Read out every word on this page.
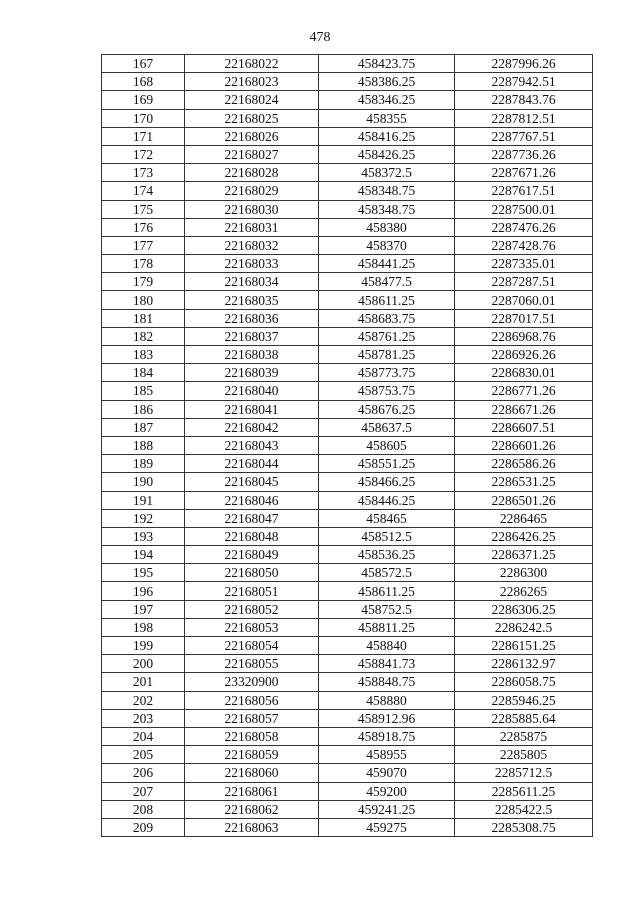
478
167	22168022	458423.75	2287996.26
168	22168023	458386.25	2287942.51
169	22168024	458346.25	2287843.76
170	22168025	458355	2287812.51
171	22168026	458416.25	2287767.51
172	22168027	458426.25	2287736.26
173	22168028	458372.5	2287671.26
174	22168029	458348.75	2287617.51
175	22168030	458348.75	2287500.01
176	22168031	458380	2287476.26
177	22168032	458370	2287428.76
178	22168033	458441.25	2287335.01
179	22168034	458477.5	2287287.51
180	22168035	458611.25	2287060.01
181	22168036	458683.75	2287017.51
182	22168037	458761.25	2286968.76
183	22168038	458781.25	2286926.26
184	22168039	458773.75	2286830.01
185	22168040	458753.75	2286771.26
186	22168041	458676.25	2286671.26
187	22168042	458637.5	2286607.51
188	22168043	458605	2286601.26
189	22168044	458551.25	2286586.26
190	22168045	458466.25	2286531.25
191	22168046	458446.25	2286501.26
192	22168047	458465	2286465
193	22168048	458512.5	2286426.25
194	22168049	458536.25	2286371.25
195	22168050	458572.5	2286300
196	22168051	458611.25	2286265
197	22168052	458752.5	2286306.25
198	22168053	458811.25	2286242.5
199	22168054	458840	2286151.25
200	22168055	458841.73	2286132.97
201	23320900	458848.75	2286058.75
202	22168056	458880	2285946.25
203	22168057	458912.96	2285885.64
204	22168058	458918.75	2285875
205	22168059	458955	2285805
206	22168060	459070	2285712.5
207	22168061	459200	2285611.25
208	22168062	459241.25	2285422.5
209	22168063	459275	2285308.75
